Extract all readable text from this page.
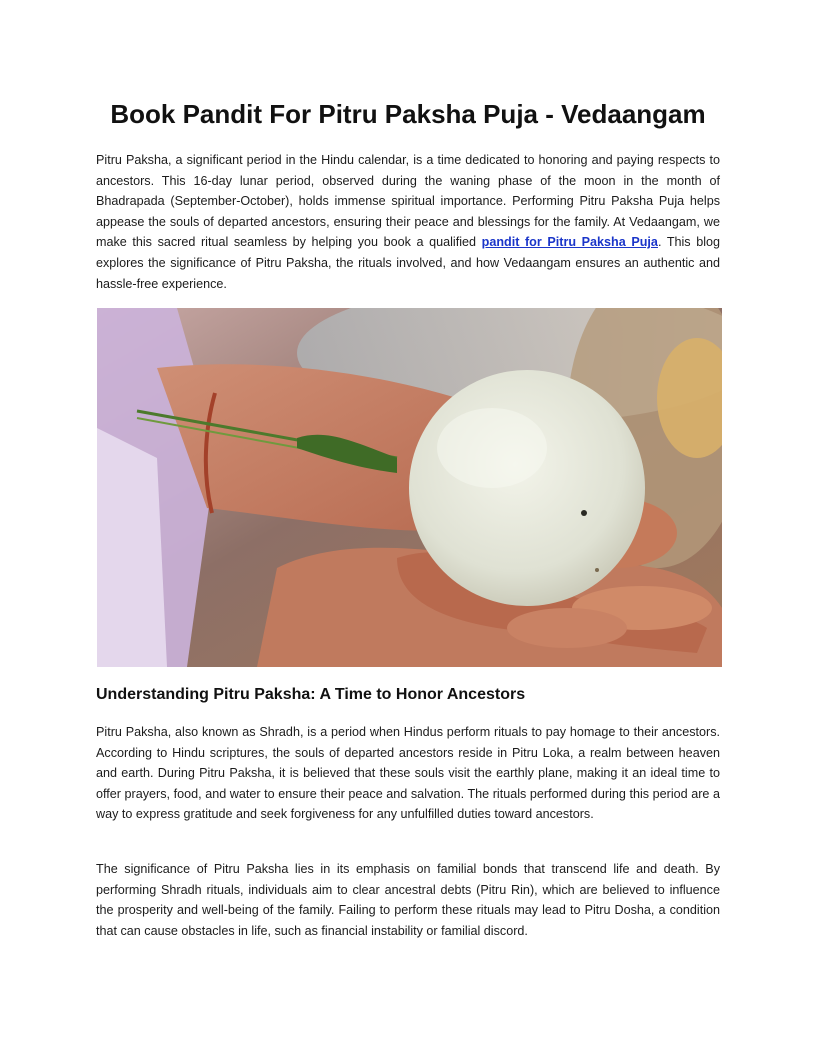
Book Pandit For Pitru Paksha Puja - Vedaangam

Pitru Paksha, a significant period in the Hindu calendar, is a time dedicated to honoring and paying respects to ancestors. This 16-day lunar period, observed during the waning phase of the moon in the month of Bhadrapada (September-October), holds immense spiritual importance. Performing Pitru Paksha Puja helps appease the souls of departed ancestors, ensuring their peace and blessings for the family. At Vedaangam, we make this sacred ritual seamless by helping you book a qualified pandit for Pitru Paksha Puja. This blog explores the significance of Pitru Paksha, the rituals involved, and how Vedaangam ensures an authentic and hassle-free experience.

Understanding Pitru Paksha: A Time to Honor Ancestors

Pitru Paksha, also known as Shradh, is a period when Hindus perform rituals to pay homage to their ancestors. According to Hindu scriptures, the souls of departed ancestors reside in Pitru Loka, a realm between heaven and earth. During Pitru Paksha, it is believed that these souls visit the earthly plane, making it an ideal time to offer prayers, food, and water to ensure their peace and salvation. The rituals performed during this period are a way to express gratitude and seek forgiveness for any unfulfilled duties toward ancestors.

The significance of Pitru Paksha lies in its emphasis on familial bonds that transcend life and death. By performing Shradh rituals, individuals aim to clear ancestral debts (Pitru Rin), which are believed to influence the prosperity and well-being of the family. Failing to perform these rituals may lead to Pitru Dosha, a condition that can cause obstacles in life, such as financial instability or familial discord.
